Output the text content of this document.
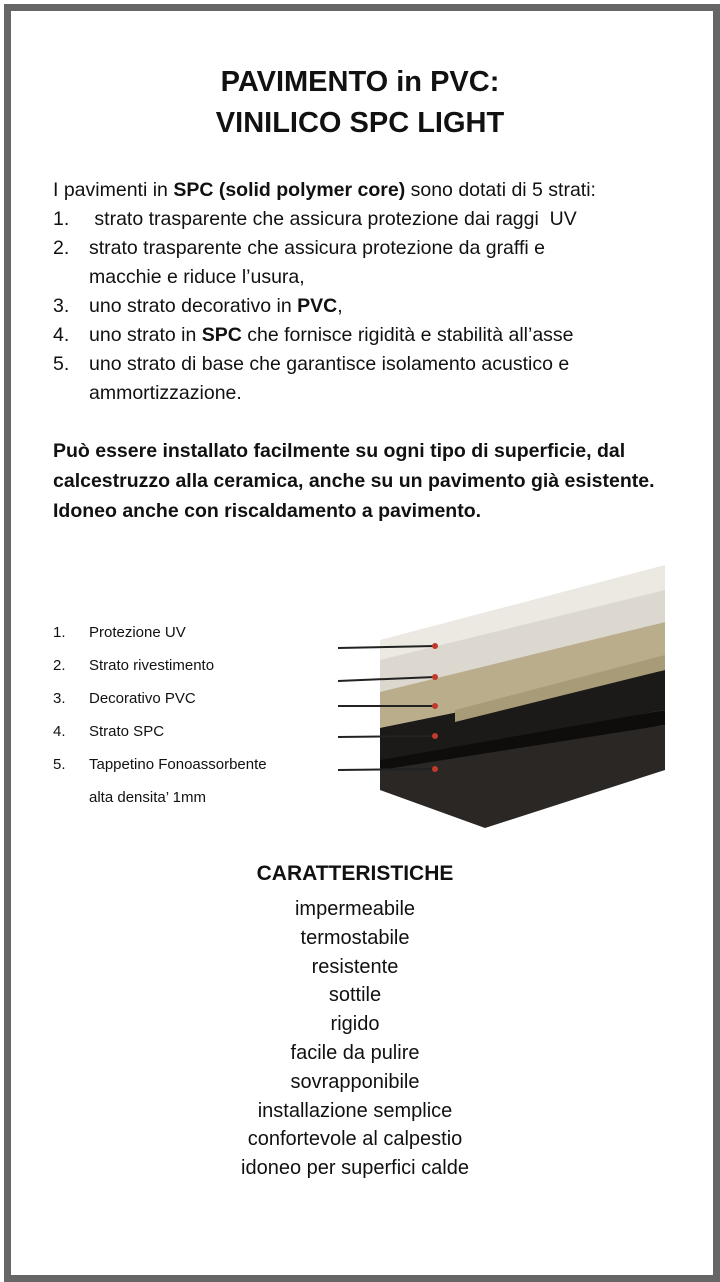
PAVIMENTO in PVC:
VINILICO SPC LIGHT
I pavimenti in SPC (solid polymer core) sono dotati di 5 strati:
1.	strato trasparente che assicura protezione dai raggi  UV
2.	strato trasparente che assicura protezione da graffi e macchie e riduce l’usura,
3.	uno strato decorativo in PVC,
4.	uno strato in SPC che fornisce rigidità e stabilità all’asse
5.	uno strato di base che garantisce isolamento acustico e ammortizzazione.
Può essere installato facilmente su ogni tipo di superficie, dal calcestruzzo alla ceramica, anche su un pavimento già esistente. Idoneo anche con riscaldamento a pavimento.
1.	Protezione UV
2.	Strato rivestimento
3.	Decorativo PVC
4.	Strato SPC
5.	Tappetino Fonoassorbente
alta densita’ 1mm
CARATTERISTICHE
impermeabile
termostabile
resistente
sottile
rigido
facile da pulire
sovrapponibile
installazione semplice
confortevole al calpestio
idoneo per superfici calde
